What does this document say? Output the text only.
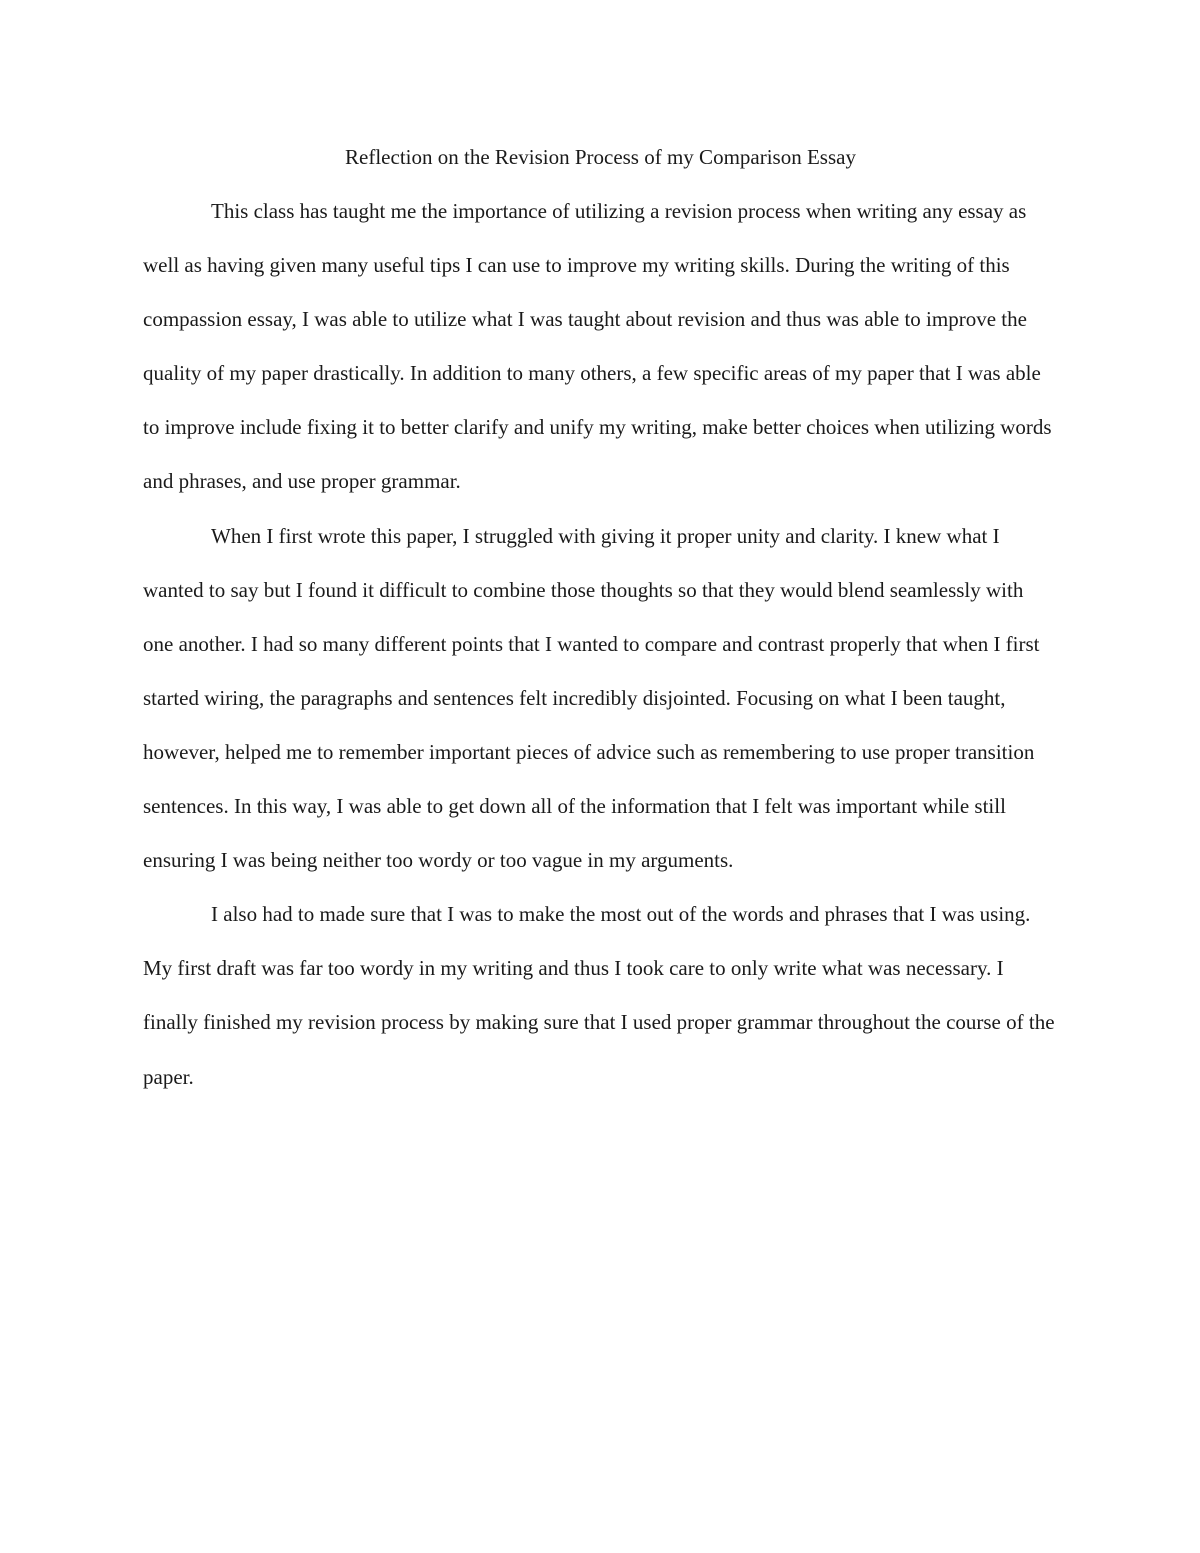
Reflection on the Revision Process of my Comparison Essay

This class has taught me the importance of utilizing a revision process when writing any essay as well as having given many useful tips I can use to improve my writing skills. During the writing of this compassion essay, I was able to utilize what I was taught about revision and thus was able to improve the quality of my paper drastically. In addition to many others, a few specific areas of my paper that I was able to improve include fixing it to better clarify and unify my writing, make better choices when utilizing words and phrases, and use proper grammar.

When I first wrote this paper, I struggled with giving it proper unity and clarity. I knew what I wanted to say but I found it difficult to combine those thoughts so that they would blend seamlessly with one another. I had so many different points that I wanted to compare and contrast properly that when I first started wiring, the paragraphs and sentences felt incredibly disjointed. Focusing on what I been taught, however, helped me to remember important pieces of advice such as remembering to use proper transition sentences. In this way, I was able to get down all of the information that I felt was important while still ensuring I was being neither too wordy or too vague in my arguments.

I also had to made sure that I was to make the most out of the words and phrases that I was using. My first draft was far too wordy in my writing and thus I took care to only write what was necessary. I finally finished my revision process by making sure that I used proper grammar throughout the course of the paper.
